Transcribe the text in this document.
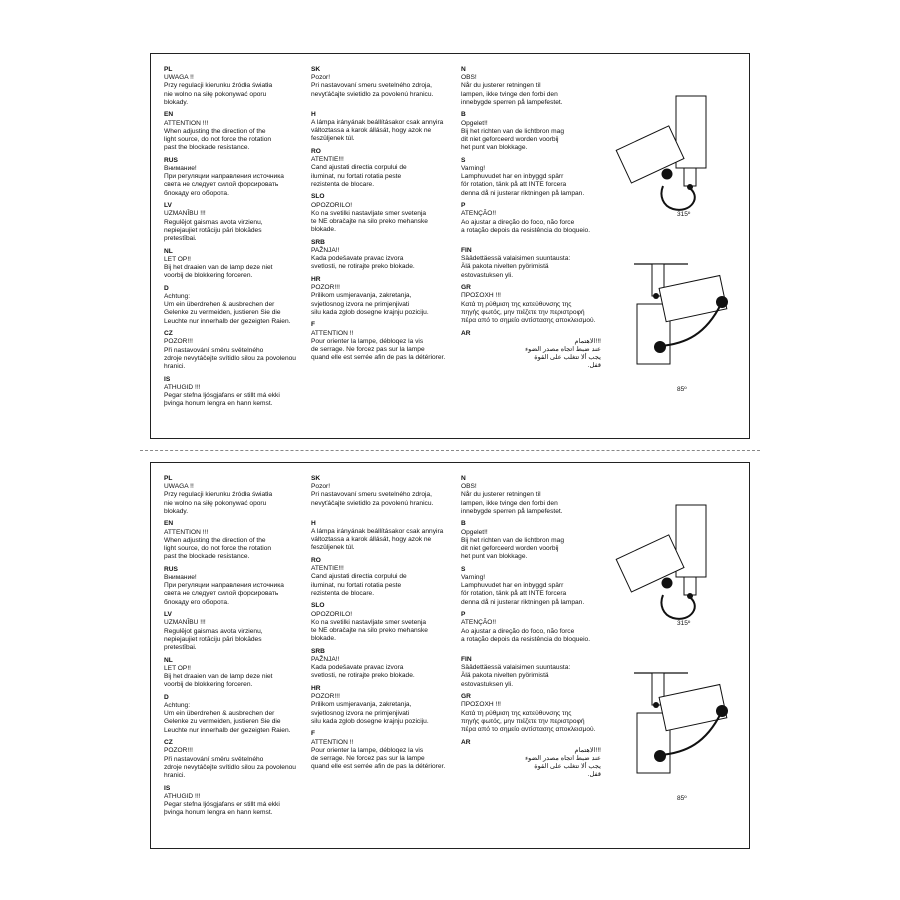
PL
UWAGA !!
Przy regulacji kierunku źródła światła
nie wolno na siłę pokonywać oporu
blokady.
EN
ATTENTION !!!
When adjusting the direction of the
light source, do not force the rotation
past the blockade resistance.
RUS
Внимание!
При регуляции направления источника
света не следует силой форсировать
блокаду его оборота.
LV
UZMANĪBU !!!
Regulējot gaismas avota virzienu,
nepiejaujiet rotāciju pāri blokādes
pretestībai.
NL
LET OP!!
Bij het draaien van de lamp deze niet
voorbij de blokkering forceren.
D
Achtung:
Um ein überdrehen & ausbrechen der
Gelenke zu vermeiden, justieren Sie die
Leuchte nur innerhalb der gezeigten Raien.
CZ
POZOR!!!
Při nastavování směru světelného
zdroje nevytáčejte svítidlo silou za povolenou
hranici.
IS
ATHUGID !!!
Pegar stefna ljósgjafans er stillt má ekki
þvinga honum lengra en hann kemst.
SK
Pozor!
Pri nastavovaní smeru svetelného zdroja,
nevyťáčajte svietidlo za povolenú hranicu.
H
A lámpa irányának beállításakor csak annyira
változtassa a karok állását, hogy azok ne
feszüljenek túl.
RO
ATENTIE!!!
Cand ajustati directia corpului de
iluminat, nu fortati rotatia peste
rezistenta de blocare.
SLO
OPOZORILO!
Ko na svetilki nastavljate smer svetenja
te NE obračajte na silo preko mehanske
blokade.
SRB
PAŽNJA!!
Kada podešavate pravac izvora
svetlosti, ne rotirajte preko blokade.
HR
POZOR!!!
Prilikom usmjeravanja, zakretanja,
svjetlosnog izvora ne primjenjivati
silu kada zglob dosegne krajnju poziciju.
F
ATTENTION !!
Pour orienter la lampe, débloqez la vis
de serrage. Ne forcez pas sur la lampe
quand elle est serrée afin de pas la détériorer.
N
OBS!
Når du justerer retningen til
lampen, ikke tvinge den forbi den
innebygde sperren på lampefestet.
B
Opgelet!!
Bij het richten van de lichtbron mag
dit niet geforceerd worden voorbij
het punt van blokkage.
S
Varning!
Lamphuvudet har en inbyggd spärr
för rotation, tänk på att INTE forcera
denna då ni justerar riktningen på lampan.
P
ATENÇÃO!!
Ao ajustar a direção do foco, não force
a rotação depois da resistência do bloqueio.
FIN
Säädettäessä valaisimen suuntausta:
Älä pakota nivelten pyörimistä
estovastuksen yli.
GR
ΠΡΟΣΟΧΗ !!!
Κατά τη ρύθμιση της κατεύθυνσης της
πηγής φωτός, μην πιέζετε την περιστροφή
πέρα από το σημείο αντίστασης αποκλεισμού.
AR
!!!الاهتمام
عند ضبط اتجاه مصدر الضوء
يجب ألا تتغلب على القوة
قفل.
315º
85º
PL
UWAGA !!
Przy regulacji kierunku źródła światła
nie wolno na siłę pokonywać oporu
blokady.
EN
ATTENTION !!!
When adjusting the direction of the
light source, do not force the rotation
past the blockade resistance.
RUS
Внимание!
При регуляции направления источника
света не следует силой форсировать
блокаду его оборота.
LV
UZMANĪBU !!!
Regulējot gaismas avota virzienu,
nepiejaujiet rotāciju pāri blokādes
pretestībai.
NL
LET OP!!
Bij het draaien van de lamp deze niet
voorbij de blokkering forceren.
D
Achtung:
Um ein überdrehen & ausbrechen der
Gelenke zu vermeiden, justieren Sie die
Leuchte nur innerhalb der gezeigten Raien.
CZ
POZOR!!!
Při nastavování směru světelného
zdroje nevytáčejte svítidlo silou za povolenou
hranici.
IS
ATHUGID !!!
Pegar stefna ljósgjafans er stillt má ekki
þvinga honum lengra en hann kemst.
SK
Pozor!
Pri nastavovaní smeru svetelného zdroja,
nevyťáčajte svietidlo za povolenú hranicu.
H
A lámpa irányának beállításakor csak annyira
változtassa a karok állását, hogy azok ne
feszüljenek túl.
RO
ATENTIE!!!
Cand ajustati directia corpului de
iluminat, nu fortati rotatia peste
rezistenta de blocare.
SLO
OPOZORILO!
Ko na svetilki nastavljate smer svetenja
te NE obračajte na silo preko mehanske
blokade.
SRB
PAŽNJA!!
Kada podešavate pravac izvora
svetlosti, ne rotirajte preko blokade.
HR
POZOR!!!
Prilikom usmjeravanja, zakretanja,
svjetlosnog izvora ne primjenjivati
silu kada zglob dosegne krajnju poziciju.
F
ATTENTION !!
Pour orienter la lampe, débloqez la vis
de serrage. Ne forcez pas sur la lampe
quand elle est serrée afin de pas la détériorer.
N
OBS!
Når du justerer retningen til
lampen, ikke tvinge den forbi den
innebygde sperren på lampefestet.
B
Opgelet!!
Bij het richten van de lichtbron mag
dit niet geforceerd worden voorbij
het punt van blokkage.
S
Varning!
Lamphuvudet har en inbyggd spärr
för rotation, tänk på att INTE forcera
denna då ni justerar riktningen på lampan.
P
ATENÇÃO!!
Ao ajustar a direção do foco, não force
a rotação depois da resistência do bloqueio.
FIN
Säädettäessä valaisimen suuntausta:
Älä pakota nivelten pyörimistä
estovastuksen yli.
GR
ΠΡΟΣΟΧΗ !!!
Κατά τη ρύθμιση της κατεύθυνσης της
πηγής φωτός, μην πιέζετε την περιστροφή
πέρα από το σημείο αντίστασης αποκλεισμού.
AR
!!!الاهتمام
عند ضبط اتجاه مصدر الضوء
يجب ألا تتغلب على القوة
قفل.
315º
85º
